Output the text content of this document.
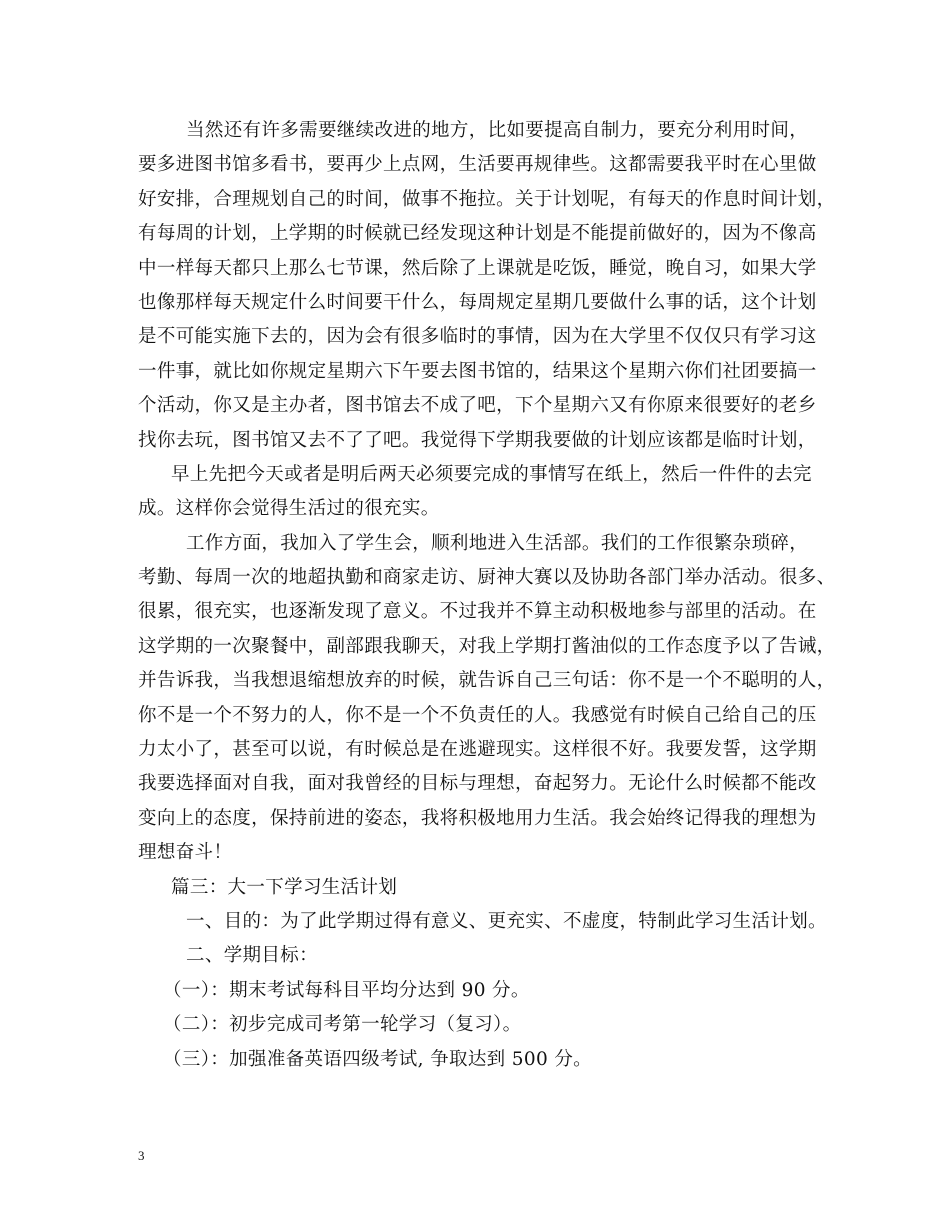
当然还有许多需要继续改进的地方，比如要提高自制力，要充分利用时间，
要多进图书馆多看书，要再少上点网，生活要再规律些。这都需要我平时在心里做
好安排，合理规划自己的时间，做事不拖拉。关于计划呢，有每天的作息时间计划，
有每周的计划，上学期的时候就已经发现这种计划是不能提前做好的，因为不像高
中一样每天都只上那么七节课，然后除了上课就是吃饭，睡觉，晚自习，如果大学
也像那样每天规定什么时间要干什么，每周规定星期几要做什么事的话，这个计划
是不可能实施下去的，因为会有很多临时的事情，因为在大学里不仅仅只有学习这
一件事，就比如你规定星期六下午要去图书馆的，结果这个星期六你们社团要搞一
个活动，你又是主办者，图书馆去不成了吧，下个星期六又有你原来很要好的老乡
找你去玩，图书馆又去不了了吧。我觉得下学期我要做的计划应该都是临时计划，
早上先把今天或者是明后两天必须要完成的事情写在纸上，然后一件件的去完
成。这样你会觉得生活过的很充实。
工作方面，我加入了学生会，顺利地进入生活部。我们的工作很繁杂琐碎，
考勤、每周一次的地超执勤和商家走访、厨神大赛以及协助各部门举办活动。很多、
很累，很充实，也逐渐发现了意义。不过我并不算主动积极地参与部里的活动。在
这学期的一次聚餐中，副部跟我聊天，对我上学期打酱油似的工作态度予以了告诫，
并告诉我，当我想退缩想放弃的时候，就告诉自己三句话：你不是一个不聪明的人，
你不是一个不努力的人，你不是一个不负责任的人。我感觉有时候自己给自己的压
力太小了，甚至可以说，有时候总是在逃避现实。这样很不好。我要发誓，这学期
我要选择面对自我，面对我曾经的目标与理想，奋起努力。无论什么时候都不能改
变向上的态度，保持前进的姿态，我将积极地用力生活。我会始终记得我的理想为
理想奋斗！
篇三：大一下学习生活计划
一、目的：为了此学期过得有意义、更充实、不虚度，特制此学习生活计划。
二、学期目标：
（一）：期末考试每科目平均分达到 90 分。
（二）：初步完成司考第一轮学习（复习）。
（三）：加强准备英语四级考试, 争取达到 500 分。
3
